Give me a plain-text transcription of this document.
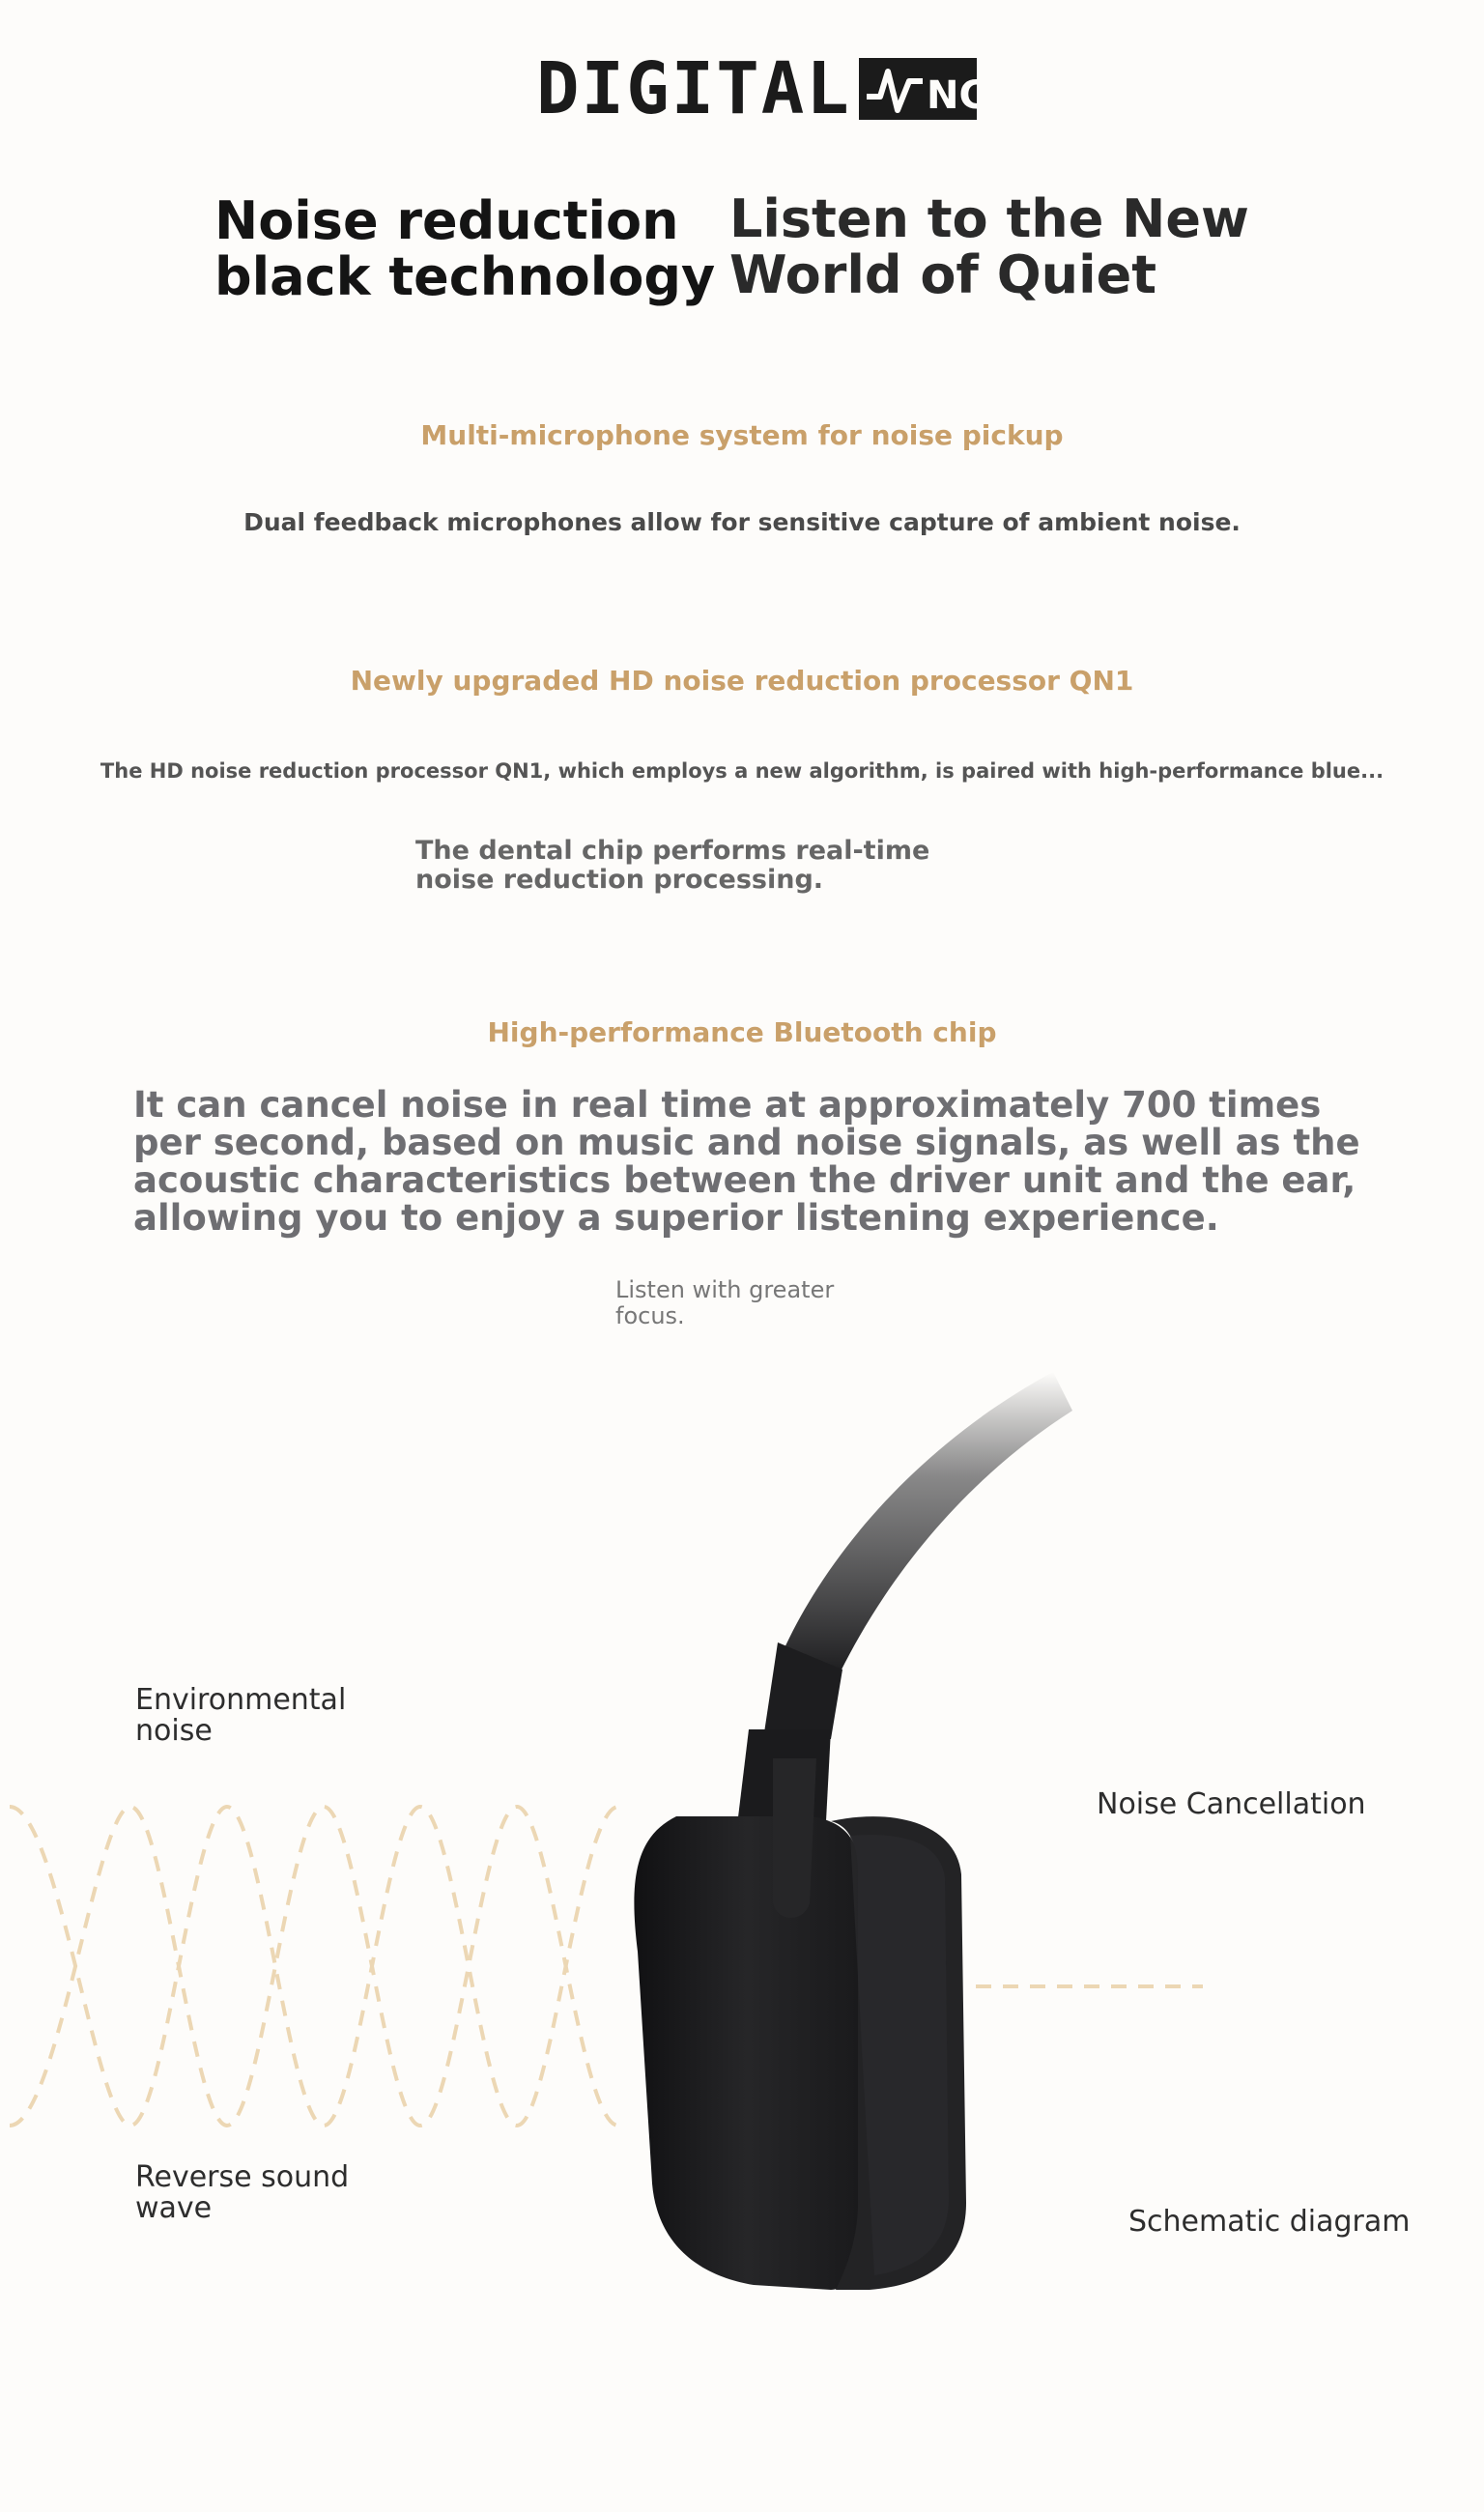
DIGITAL NC
Noise reduction black technology
Listen to the New World of Quiet
Multi-microphone system for noise pickup
Dual feedback microphones allow for sensitive capture of ambient noise.
Newly upgraded HD noise reduction processor QN1
The HD noise reduction processor QN1, which employs a new algorithm, is paired with high-performance blue...
The dental chip performs real-time noise reduction processing.
High-performance Bluetooth chip
It can cancel noise in real time at approximately 700 times per second, based on music and noise signals, as well as the acoustic characteristics between the driver unit and the ear, allowing you to enjoy a superior listening experience.
Listen with greater focus.
Environmental noise
Noise Cancellation
Reverse sound wave	Schematic diagram
